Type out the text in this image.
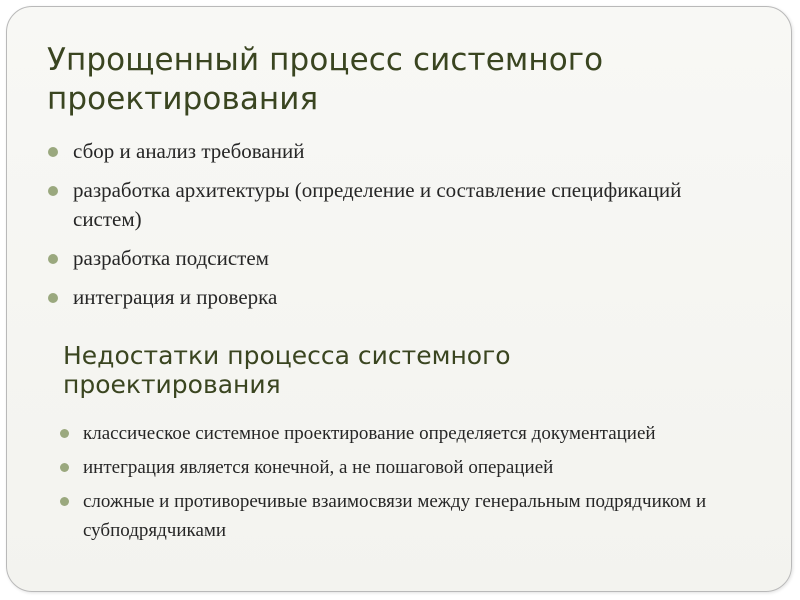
Упрощенный процесс системного
проектирования
сбор и анализ требований
разработка архитектуры (определение и составление спецификаций систем)
разработка подсистем
интеграция и проверка
Недостатки процесса системного
проектирования
классическое системное проектирование определяется документацией
интеграция является конечной, а не пошаговой операцией
сложные и противоречивые взаимосвязи между генеральным подрядчиком и субподрядчиками
